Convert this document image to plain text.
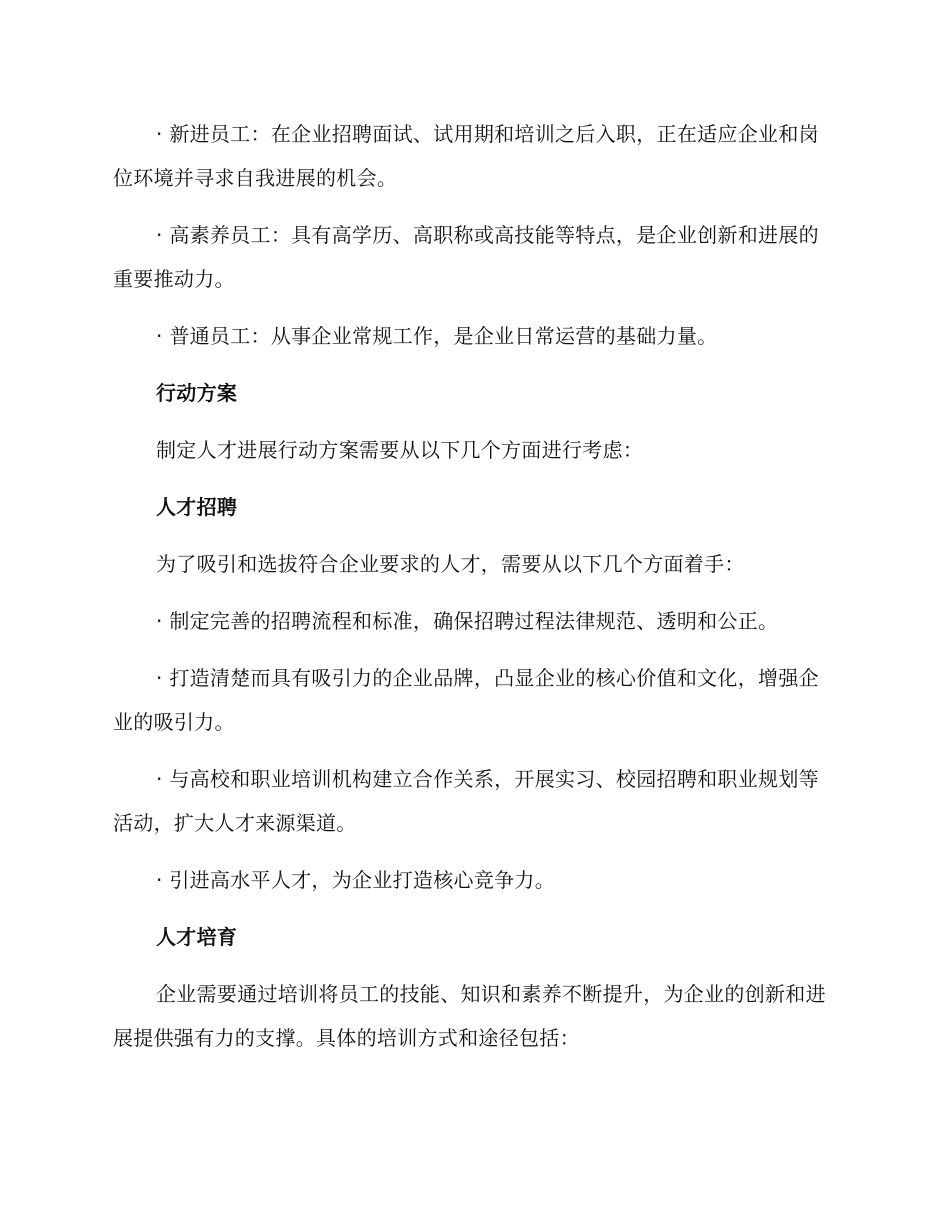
· 新进员工：在企业招聘面试、试用期和培训之后入职，正在适应企业和岗位环境并寻求自我进展的机会。

· 高素养员工：具有高学历、高职称或高技能等特点，是企业创新和进展的重要推动力。

· 普通员工：从事企业常规工作，是企业日常运营的基础力量。

行动方案

制定人才进展行动方案需要从以下几个方面进行考虑：

人才招聘

为了吸引和选拔符合企业要求的人才，需要从以下几个方面着手：

· 制定完善的招聘流程和标准，确保招聘过程法律规范、透明和公正。

· 打造清楚而具有吸引力的企业品牌，凸显企业的核心价值和文化，增强企业的吸引力。

· 与高校和职业培训机构建立合作关系，开展实习、校园招聘和职业规划等活动，扩大人才来源渠道。

· 引进高水平人才，为企业打造核心竞争力。

人才培育

企业需要通过培训将员工的技能、知识和素养不断提升，为企业的创新和进展提供强有力的支撑。具体的培训方式和途径包括：
